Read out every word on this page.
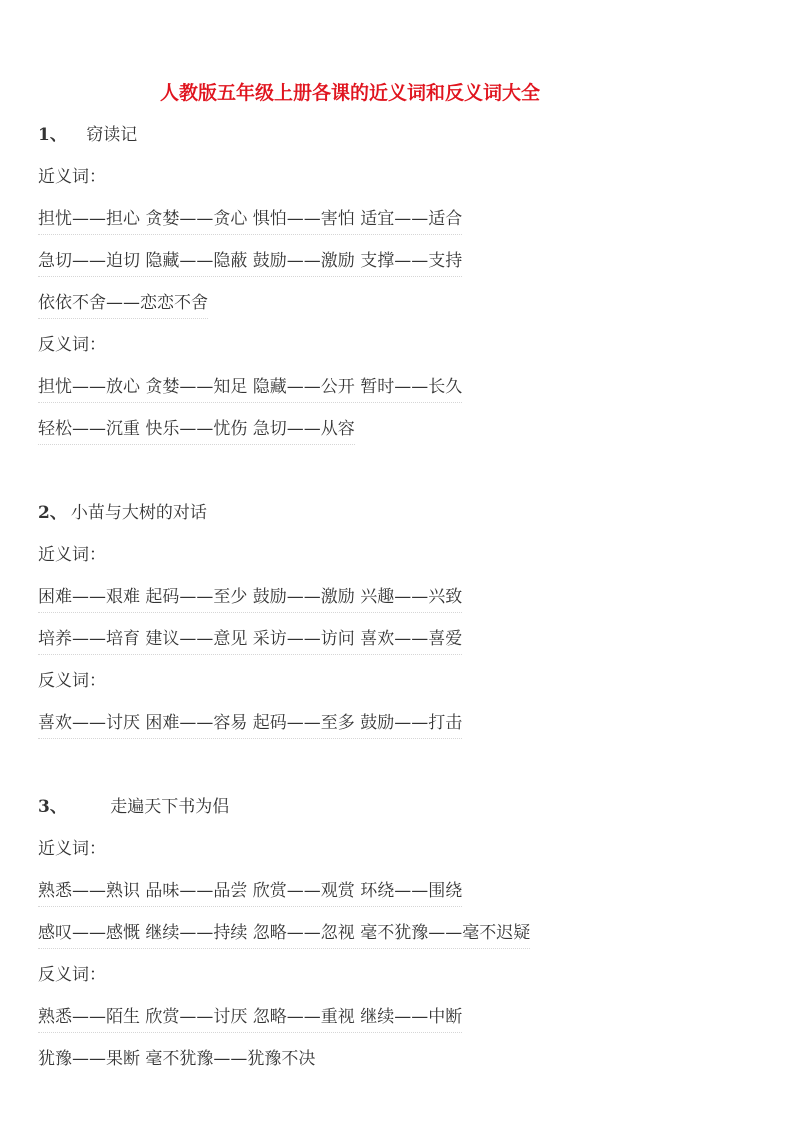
人教版五年级上册各课的近义词和反义词大全
1、 窃读记
近义词：
担忧——担心 贪婪——贪心 惧怕——害怕 适宜——适合
急切——迫切 隐藏——隐蔽 鼓励——激励 支撑——支持
依依不舍——恋恋不舍
反义词：
担忧——放心 贪婪——知足 隐藏——公开 暂时——长久
轻松——沉重 快乐——忧伤 急切——从容
2、 小苗与大树的对话
近义词：
困难——艰难 起码——至少 鼓励——激励 兴趣——兴致
培养——培育 建议——意见 采访——访问 喜欢——喜爱
反义词：
喜欢——讨厌 困难——容易 起码——至多 鼓励——打击
3、	走遍天下书为侣
近义词：
熟悉——熟识 品味——品尝 欣赏——观赏 环绕——围绕
感叹——感慨 继续——持续 忽略——忽视 毫不犹豫——毫不迟疑
反义词：
熟悉——陌生 欣赏——讨厌 忽略——重视 继续——中断
犹豫——果断 毫不犹豫——犹豫不决
